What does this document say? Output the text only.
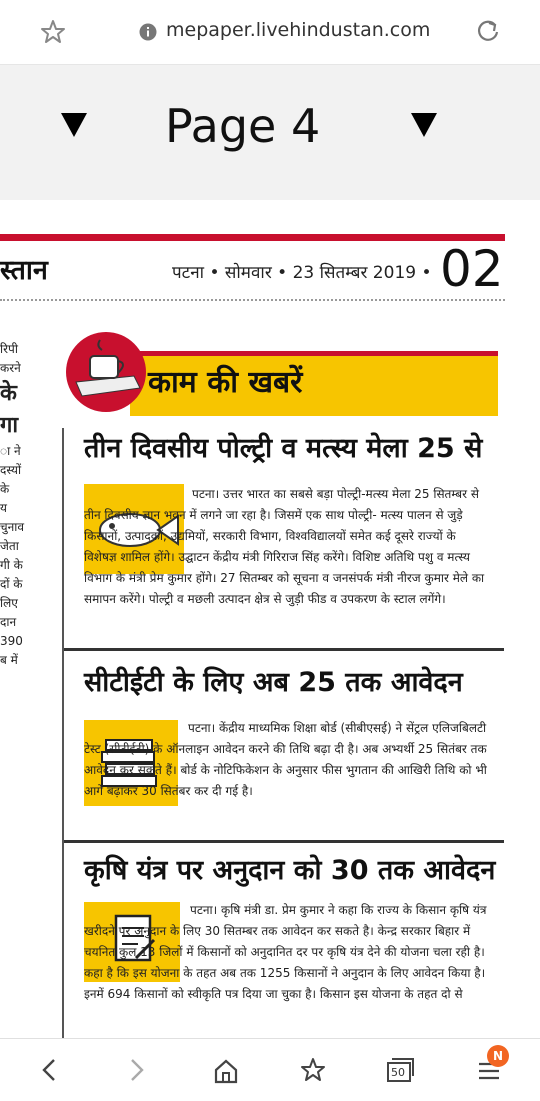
mepaper.livehindustan.com
Page 4
स्तान	पटना • सोमवार • 23 सितम्बर 2019 • 02
रिपी
करने
के
गा
ा ने
दस्यों
के
य
चुनाव
जेता
गी के
दों के
लिए
दान
390
ब में
काम की खबरें
तीन दिवसीय पोल्ट्री व मत्स्य मेला 25 से
पटना। उत्तर भारत का सबसे बड़ा पोल्ट्री-मत्स्य मेला 25 सितम्बर से तीन दिवसीय ज्ञान भवन में लगने जा रहा है। जिसमें एक साथ पोल्ट्री- मत्स्य पालन से जुड़े किसानों, उत्पादकों, उद्यमियों, सरकारी विभाग, विश्वविद्यालयों समेत कई दूसरे राज्यों के विशेषज्ञ शामिल होंगे। उद्घाटन केंद्रीय मंत्री गिरिराज सिंह करेंगे। विशिष्ट अतिथि पशु व मत्स्य विभाग के मंत्री प्रेम कुमार होंगे। 27 सितम्बर को सूचना व जनसंपर्क मंत्री नीरज कुमार मेले का समापन करेंगे। पोल्ट्री व मछली उत्पादन क्षेत्र से जुड़ी फीड व उपकरण के स्टाल लगेंगे।
सीटीईटी के लिए अब 25 तक आवेदन
पटना। केंद्रीय माध्यमिक शिक्षा बोर्ड (सीबीएसई) ने सेंट्रल एलिजबिलटी टेस्ट (सीटीईटी) के ऑनलाइन आवेदन करने की तिथि बढ़ा दी है। अब अभ्यर्थी 25 सितंबर तक आवेदन कर सकते हैं। बोर्ड के नोटिफिकेशन के अनुसार फीस भुगतान की आखिरी तिथि को भी आगे बढ़ाकर 30 सितंबर कर दी गई है।
कृषि यंत्र पर अनुदान को 30 तक आवेदन
पटना। कृषि मंत्री डा. प्रेम कुमार ने कहा कि राज्य के किसान कृषि यंत्र खरीदने पर अनुदान के लिए 30 सितम्बर तक आवेदन कर सकते है। केन्द्र सरकार बिहार में चयनित कुल 13 जिलों में किसानों को अनुदानित दर पर कृषि यंत्र देने की योजना चला रही है। कहा है कि इस योजना के तहत अब तक 1255 किसानों ने अनुदान के लिए आवेदन किया है। इनमें 694 किसानों को स्वीकृति पत्र दिया जा चुका है। किसान इस योजना के तहत दो से
50
N
